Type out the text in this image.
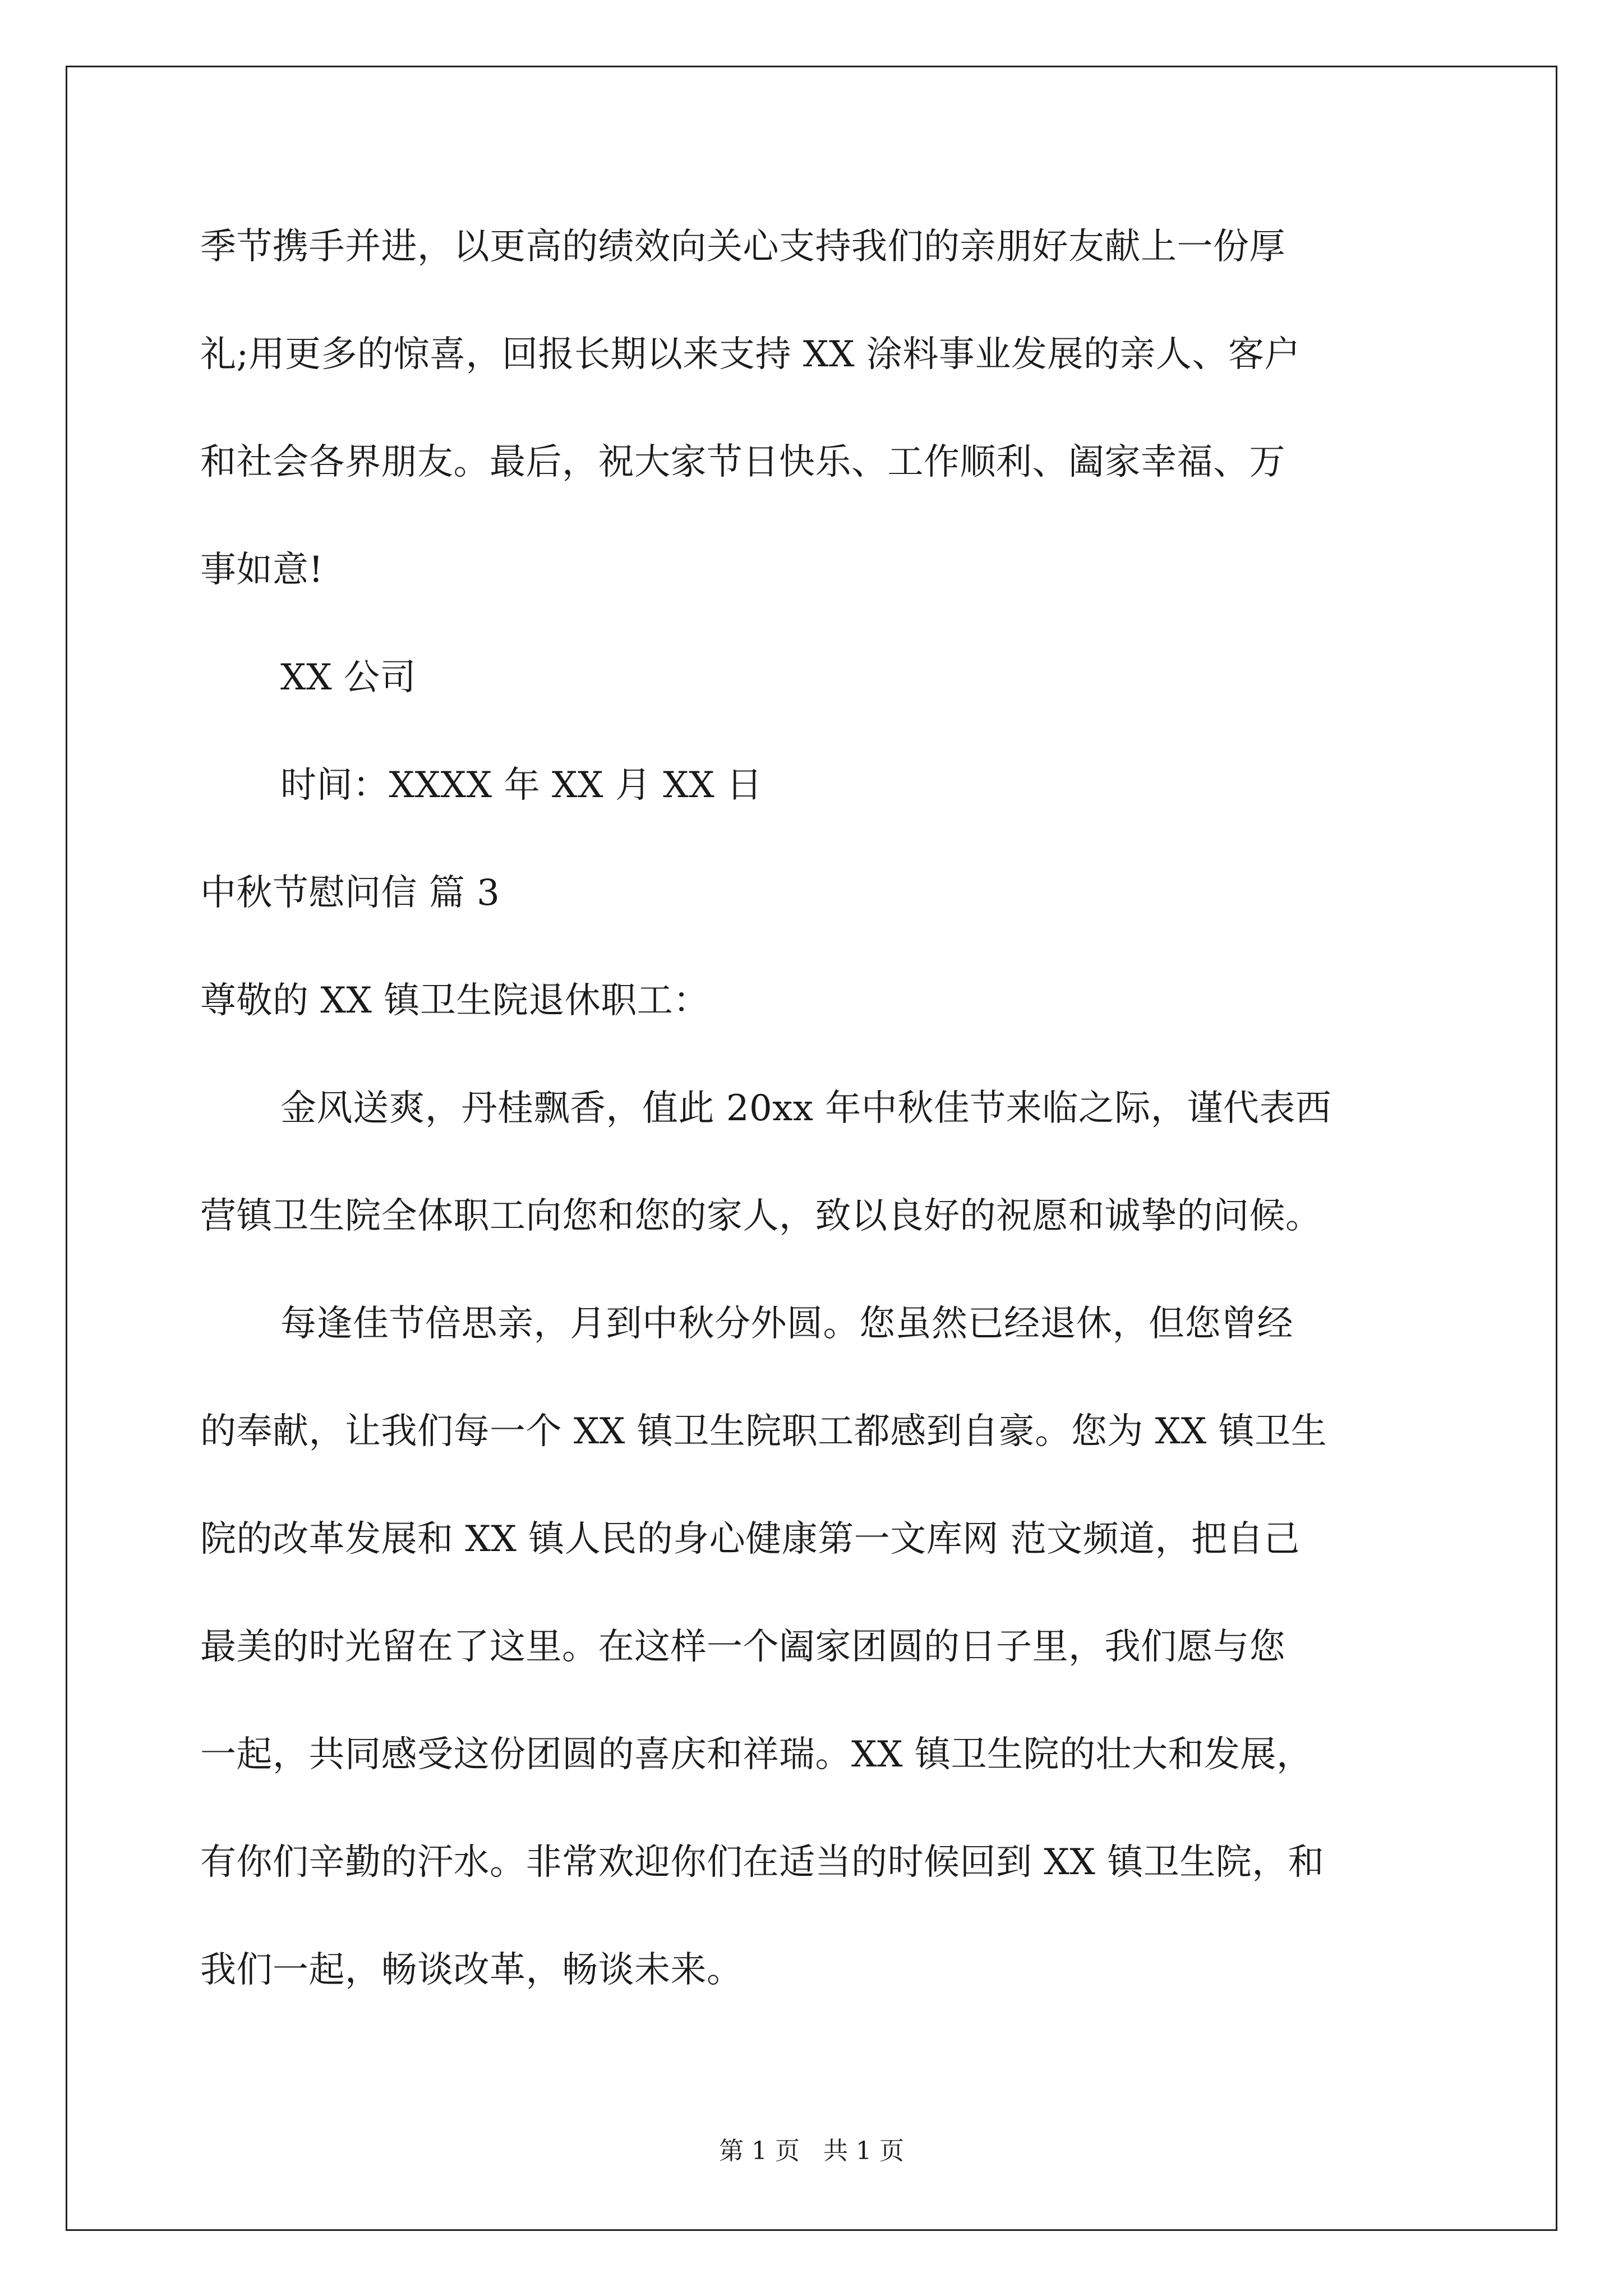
季节携手并进，以更高的绩效向关心支持我们的亲朋好友献上一份厚
礼;用更多的惊喜，回报长期以来支持 XX 涂料事业发展的亲人、客户
和社会各界朋友。最后，祝大家节日快乐、工作顺利、阖家幸福、万
事如意!
XX 公司
时间：XXXX 年 XX 月 XX 日
中秋节慰问信 篇 3
尊敬的 XX 镇卫生院退休职工：
金风送爽，丹桂飘香，值此 20xx 年中秋佳节来临之际，谨代表西
营镇卫生院全体职工向您和您的家人，致以良好的祝愿和诚挚的问候。
每逢佳节倍思亲，月到中秋分外圆。您虽然已经退休，但您曾经
的奉献，让我们每一个 XX 镇卫生院职工都感到自豪。您为 XX 镇卫生
院的改革发展和 XX 镇人民的身心健康第一文库网 范文频道，把自己
最美的时光留在了这里。在这样一个阖家团圆的日子里，我们愿与您
一起，共同感受这份团圆的喜庆和祥瑞。XX 镇卫生院的壮大和发展，
有你们辛勤的汗水。非常欢迎你们在适当的时候回到 XX 镇卫生院，和
我们一起，畅谈改革，畅谈未来。
第 1 页   共 1 页
